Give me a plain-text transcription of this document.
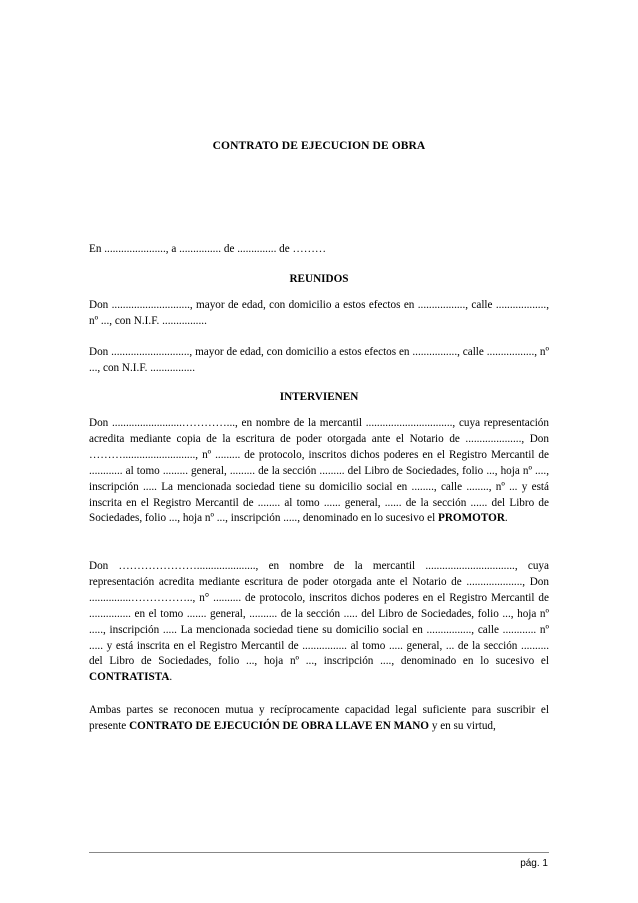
CONTRATO DE EJECUCION DE OBRA

En ......................, a ............... de .............. de ………

REUNIDOS

Don ............................, mayor de edad, con domicilio a estos efectos en ................., calle .................., nº ..., con N.I.F. ................

Don ............................, mayor de edad, con domicilio a estos efectos en ................, calle ................., nº ..., con N.I.F. ................

INTERVIENEN

Don .........................…………..., en nombre de la mercantil ..............................., cuya representación acredita mediante copia de la escritura de poder otorgada ante el Notario de ...................., Don ……….........................., nº ......... de protocolo, inscritos dichos poderes en el Registro Mercantil de ............ al tomo ......... general, ......... de la sección ......... del Libro de Sociedades, folio ..., hoja nº ...., inscripción ..... La mencionada sociedad tiene su domicilio social en ........, calle ........, nº ... y está inscrita en el Registro Mercantil de ........ al tomo ...... general, ...... de la sección ...... del Libro de Sociedades, folio ..., hoja nº ..., inscripción ....., denominado en lo sucesivo el PROMOTOR.

Don …………………....................., en nombre de la mercantil ................................, cuya representación acredita mediante escritura de poder otorgada ante el Notario de ...................., Don ...............…………….., n° .......... de protocolo, inscritos dichos poderes en el Registro Mercantil de ............... en el tomo ....... general, .......... de la sección ..... del Libro de Sociedades, folio ..., hoja nº ....., inscripción ..... La mencionada sociedad tiene su domicilio social en ................, calle ............ nº ..... y está inscrita en el Registro Mercantil de ................ al tomo ..... general, ... de la sección .......... del Libro de Sociedades, folio ..., hoja nº ..., inscripción ...., denominado en lo sucesivo el CONTRATISTA.

Ambas partes se reconocen mutua y recíprocamente capacidad legal suficiente para suscribir el presente CONTRATO DE EJECUCIÓN DE OBRA LLAVE EN MANO y en su virtud,

pág. 1
